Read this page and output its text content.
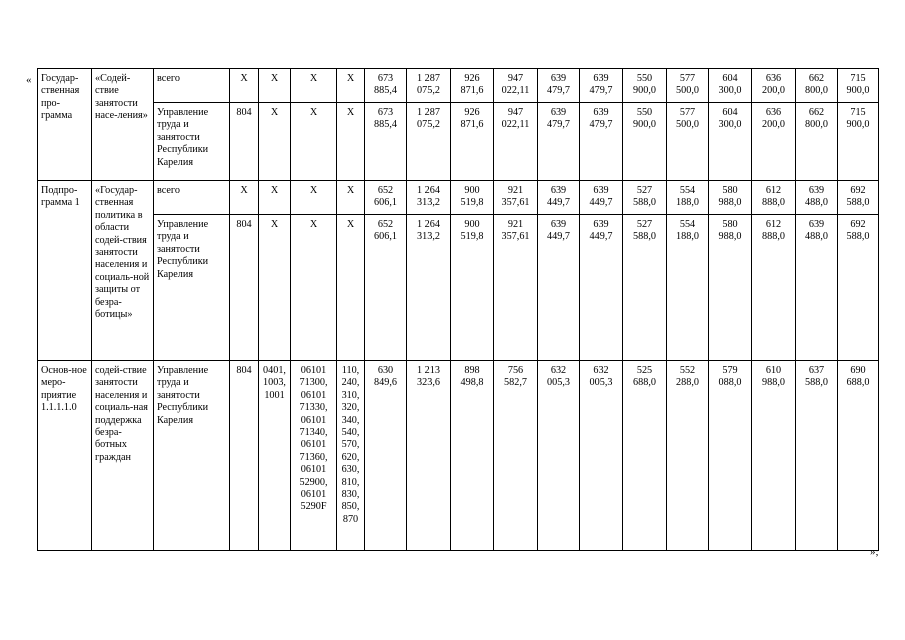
« Государ-ственная про-грамма	«Содей-ствие занятости насе-ления»	всего	Х	Х	Х	Х	673 885,4	1 287 075,2	926 871,6	947 022,11	639 479,7	639 479,7	550 900,0	577 500,0	604 300,0	636 200,0	662 800,0	715 900,0
		Управление труда и занятости Республики Карелия	804	Х	Х	Х	673 885,4	1 287 075,2	926 871,6	947 022,11	639 479,7	639 479,7	550 900,0	577 500,0	604 300,0	636 200,0	662 800,0	715 900,0
Подпро-грамма 1	«Государ-ственная политика в области содей-ствия занятости населения и социаль-ной защиты от безра-ботицы»	всего	Х	Х	Х	Х	652 606,1	1 264 313,2	900 519,8	921 357,61	639 449,7	639 449,7	527 588,0	554 188,0	580 988,0	612 888,0	639 488,0	692 588,0
		Управление труда и занятости Республики Карелия	804	Х	Х	Х	652 606,1	1 264 313,2	900 519,8	921 357,61	639 449,7	639 449,7	527 588,0	554 188,0	580 988,0	612 888,0	639 488,0	692 588,0
Основ-ное меро-приятие 1.1.1.1.0	содей-ствие занятости населения и социаль-ная поддержка безра-ботных граждан	Управление труда и занятости Республики Карелия	804	0401, 1003, 1001	06101 71300, 06101 71330, 06101 71340, 06101 71360, 06101 52900, 06101 5290F	110, 240, 310, 320, 340, 540, 570, 620, 630, 810, 830, 850, 870	630 849,6	1 213 323,6	898 498,8	756 582,7	632 005,3	632 005,3	525 688,0	552 288,0	579 088,0	610 988,0	637 588,0	690 688,0
»;
